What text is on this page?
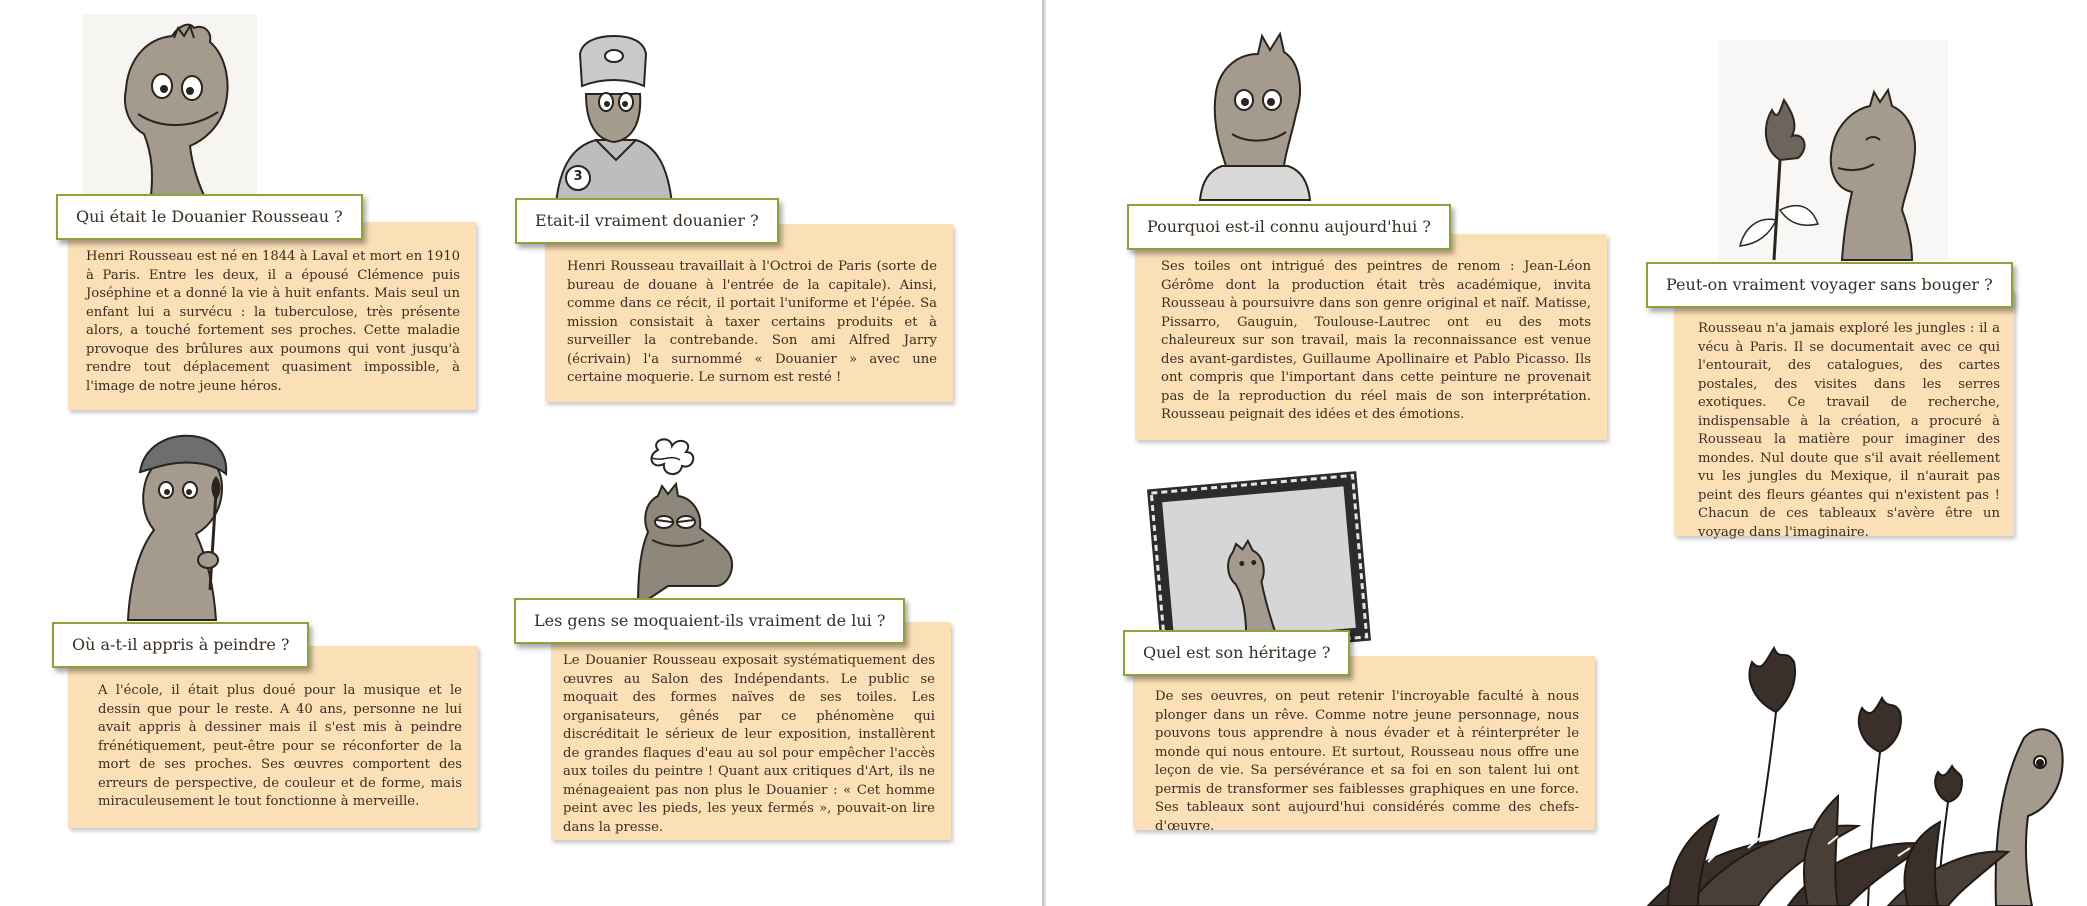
3
Qui était le Douanier Rousseau ?

Henri Rousseau est né en 1844 à Laval et mort en 1910 à Paris. Entre les deux, il a épousé Clémence puis Joséphine et a donné la vie à huit enfants. Mais seul un enfant lui a survécu : la tuberculose, très présente alors, a touché fortement ses proches. Cette maladie provoque des brûlures aux poumons qui vont jusqu'à rendre tout déplacement quasiment impossible, à l'image de notre jeune héros.

Etait-il vraiment douanier ?

Henri Rousseau travaillait à l'Octroi de Paris (sorte de bureau de douane à l'entrée de la capitale). Ainsi, comme dans ce récit, il portait l'uniforme et l'épée. Sa mission consistait à taxer certains produits et à surveiller la contrebande. Son ami Alfred Jarry (écrivain) l'a surnommé « Douanier » avec une certaine moquerie. Le surnom est resté !

Où a-t-il appris à peindre ?

A l'école, il était plus doué pour la musique et le dessin que pour le reste. A 40 ans, personne ne lui avait appris à dessiner mais il s'est mis à peindre frénétiquement, peut-être pour se réconforter de la mort de ses proches. Ses œuvres comportent des erreurs de perspective, de couleur et de forme, mais miraculeusement le tout fonctionne à merveille.

Les gens se moquaient-ils vraiment de lui ?

Le Douanier Rousseau exposait systématiquement des œuvres au Salon des Indépendants. Le public se moquait des formes naïves de ses toiles. Les organisateurs, gênés par ce phénomène qui discréditait le sérieux de leur exposition, installèrent de grandes flaques d'eau au sol pour empêcher l'accès aux toiles du peintre ! Quant aux critiques d'Art, ils ne ménageaient pas non plus le Douanier : « Cet homme peint avec les pieds, les yeux fermés », pouvait-on lire dans la presse.

Pourquoi est-il connu aujourd'hui ?

Ses toiles ont intrigué des peintres de renom : Jean-Léon Gérôme dont la production était très académique, invita Rousseau à poursuivre dans son genre original et naïf. Matisse, Pissarro, Gauguin, Toulouse-Lautrec ont eu des mots chaleureux sur son travail, mais la reconnaissance est venue des avant-gardistes, Guillaume Apollinaire et Pablo Picasso. Ils ont compris que l'important dans cette peinture ne provenait pas de la reproduction du réel mais de son interprétation. Rousseau peignait des idées et des émotions.

Quel est son héritage ?

De ses oeuvres, on peut retenir l'incroyable faculté à nous plonger dans un rêve. Comme notre jeune personnage, nous pouvons tous apprendre à nous évader et à réinterpréter le monde qui nous entoure. Et surtout, Rousseau nous offre une leçon de vie. Sa persévérance et sa foi en son talent lui ont permis de transformer ses faiblesses graphiques en une force. Ses tableaux sont aujourd'hui considérés comme des chefs-d'œuvre.

Peut-on vraiment voyager sans bouger ?

Rousseau n'a jamais exploré les jungles : il a vécu à Paris. Il se documentait avec ce qui l'entourait, des catalogues, des cartes postales, des visites dans les serres exotiques. Ce travail de recherche, indispensable à la création, a procuré à Rousseau la matière pour imaginer des mondes. Nul doute que s'il avait réellement vu les jungles du Mexique, il n'aurait pas peint des fleurs géantes qui n'existent pas ! Chacun de ces tableaux s'avère être un voyage dans l'imaginaire.
